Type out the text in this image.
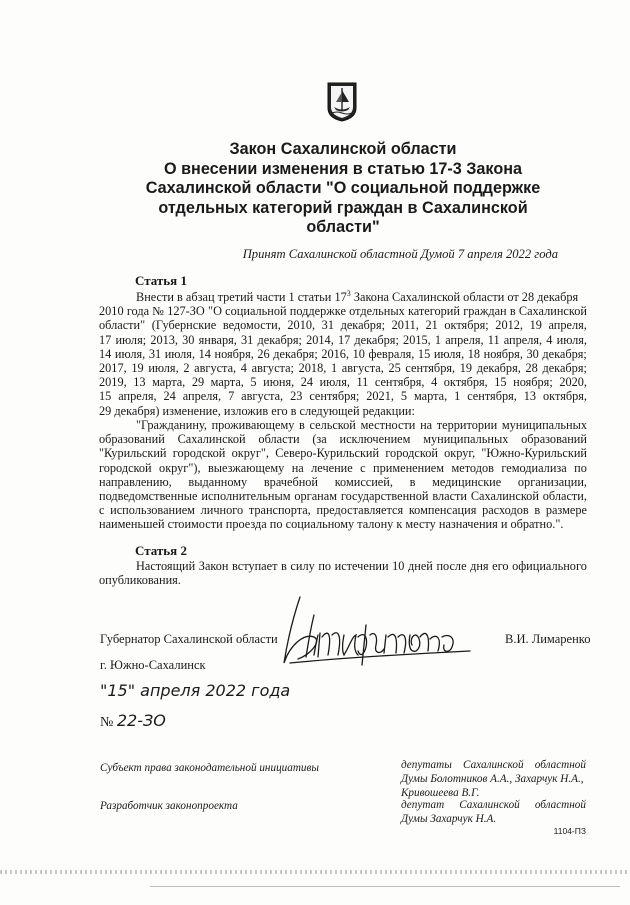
Закон Сахалинской области
О внесении изменения в статью 17-3 Закона
Сахалинской области "О социальной поддержке
отдельных категорий граждан в Сахалинской
области"
Принят Сахалинской областной Думой 7 апреля 2022 года
Статья 1
Внести в абзац третий части 1 статьи $17^3$ Закона Сахалинской области от 28 декабря
2010 года № 127-ЗО "О социальной поддержке отдельных категорий граждан в Сахалинской
области" (Губернские ведомости, 2010, 31 декабря; 2011, 21 октября; 2012, 19 апреля,
17 июля; 2013, 30 января, 31 декабря; 2014, 17 декабря; 2015, 1 апреля, 11 апреля, 4 июля,
14 июля, 31 июля, 14 ноября, 26 декабря; 2016, 10 февраля, 15 июля, 18 ноября, 30 декабря;
2017, 19 июля, 2 августа, 4 августа; 2018, 1 августа, 25 сентября, 19 декабря, 28 декабря;
2019, 13 марта, 29 марта, 5 июня, 24 июля, 11 сентября, 4 октября, 15 ноября; 2020,
15 апреля, 24 апреля, 7 августа, 23 сентября; 2021, 5 марта, 1 сентября, 13 октября,
29 декабря) изменение, изложив его в следующей редакции:
"Гражданину, проживающему в сельской местности на территории муниципальных
образований Сахалинской области (за исключением муниципальных образований
"Курильский городской округ", Северо-Курильский городской округ, "Южно-Курильский
городской округ"), выезжающему на лечение с применением методов гемодиализа по
направлению, выданному врачебной комиссией, в медицинские организации,
подведомственные исполнительным органам государственной власти Сахалинской области,
с использованием личного транспорта, предоставляется компенсация расходов в размере
наименьшей стоимости проезда по социальному талону к месту назначения и обратно.".
Статья 2
Настоящий Закон вступает в силу по истечении 10 дней после дня его официального
опубликования.
Губернатор Сахалинской области	В.И. Лимаренко
г. Южно-Сахалинск
"15" апреля 2022 года
№ 22-ЗО
Субъект права законодательной инициативы	депутаты Сахалинской областной
Думы Болотников А.А., Захарчук Н.А.,
Кривошеева В.Г.
Разработчик законопроекта	депутат Сахалинской областной
Думы Захарчук Н.А.
1104-ПЗ
